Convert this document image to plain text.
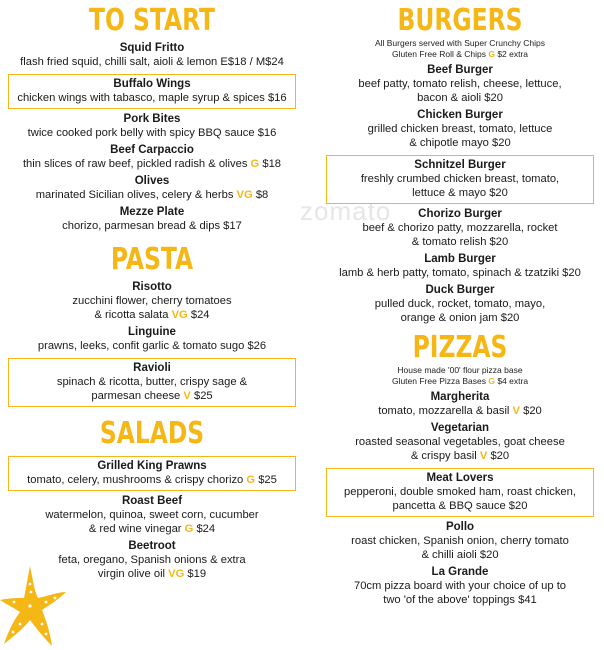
zomato
TO START
Squid Fritto
flash fried squid, chilli salt, aioli & lemon E$18 / M$24
Buffalo Wings
chicken wings with tabasco, maple syrup & spices $16
Pork Bites
twice cooked pork belly with spicy BBQ sauce $16
Beef Carpaccio
thin slices of raw beef, pickled radish & olives G $18
Olives
marinated Sicilian olives, celery & herbs VG $8
Mezze Plate
chorizo, parmesan bread & dips $17
PASTA
Risotto
zucchini flower, cherry tomatoes
& ricotta salata VG $24
Linguine
prawns, leeks, confit garlic & tomato sugo $26
Ravioli
spinach & ricotta, butter, crispy sage &
parmesan cheese V $25
SALADS
Grilled King Prawns
tomato, celery, mushrooms & crispy chorizo G $25
Roast Beef
watermelon, quinoa, sweet corn, cucumber
& red wine vinegar G $24
Beetroot
feta, oregano, Spanish onions & extra
virgin olive oil VG $19
BURGERS
All Burgers served with Super Crunchy Chips
Gluten Free Roll & Chips G $2 extra
Beef Burger
beef patty, tomato relish, cheese, lettuce,
bacon & aioli $20
Chicken Burger
grilled chicken breast, tomato, lettuce
& chipotle mayo $20
Schnitzel Burger
freshly crumbed chicken breast, tomato,
lettuce & mayo $20
Chorizo Burger
beef & chorizo patty, mozzarella, rocket
& tomato relish $20
Lamb Burger
lamb & herb patty, tomato, spinach & tzatziki $20
Duck Burger
pulled duck, rocket, tomato, mayo,
orange & onion jam $20
PIZZAS
House made '00' flour pizza base
Gluten Free Pizza Bases G $4 extra
Margherita
tomato, mozzarella & basil V $20
Vegetarian
roasted seasonal vegetables, goat cheese
& crispy basil V $20
Meat Lovers
pepperoni, double smoked ham, roast chicken,
pancetta & BBQ sauce $20
Pollo
roast chicken, Spanish onion, cherry tomato
& chilli aioli $20
La Grande
70cm pizza board with your choice of up to
two 'of the above' toppings $41
